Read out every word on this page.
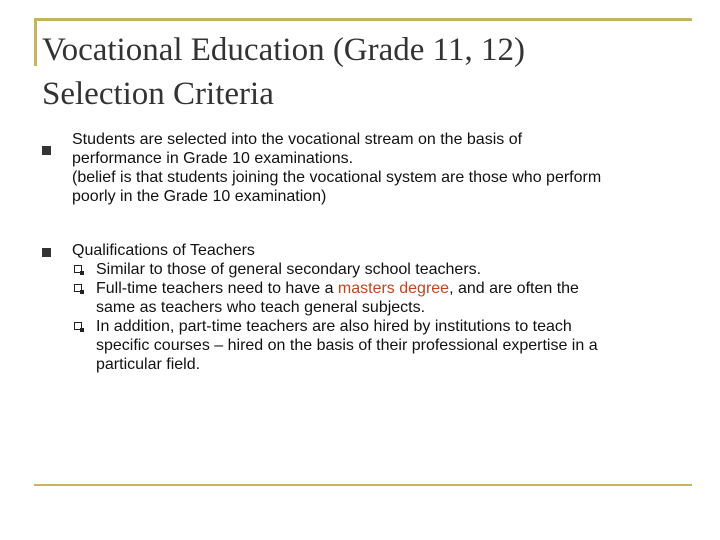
Vocational Education (Grade 11, 12)
Selection Criteria
Students are selected into the vocational stream on the basis of
performance in Grade 10 examinations.
(belief is that students joining the vocational system are those who perform
poorly in the Grade 10 examination)
Qualifications of Teachers
Similar to those of general secondary school teachers.
Full-time teachers need to have a masters degree, and are often the
same as teachers who teach general subjects.
In addition, part-time teachers are also hired by institutions to teach
specific courses – hired on the basis of their professional expertise in a
particular field.
